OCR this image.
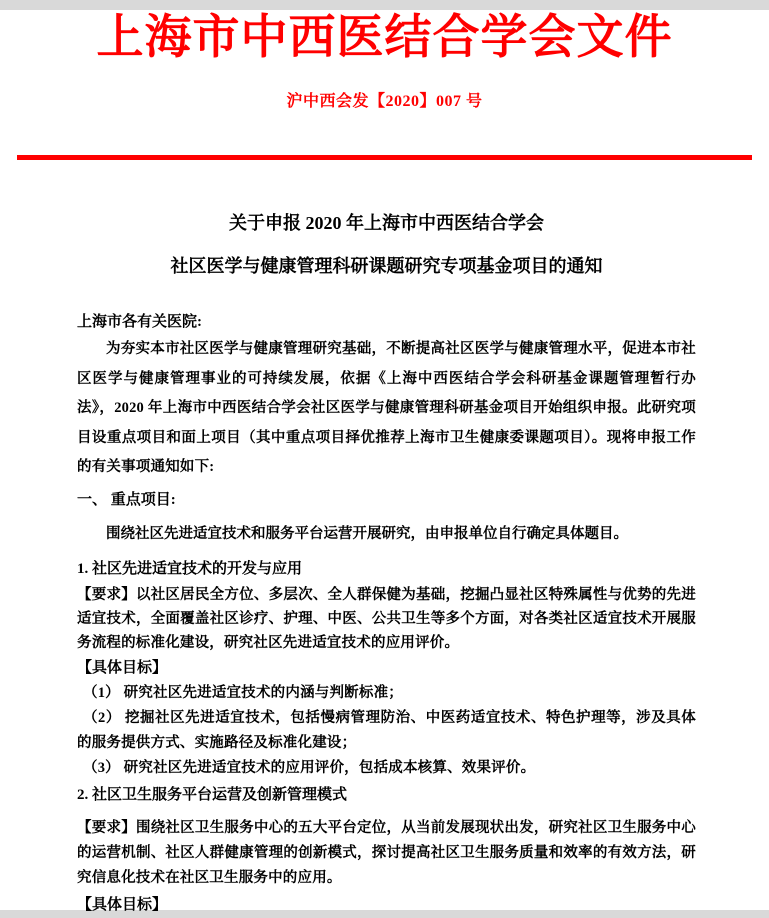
上海市中西医结合学会文件
沪中西会发【2020】007 号
关于申报 2020 年上海市中西医结合学会
社区医学与健康管理科研课题研究专项基金项目的通知
上海市各有关医院:

为夯实本市社区医学与健康管理研究基础，不断提高社区医学与健康管理水平，促进本市社区医学与健康管理事业的可持续发展，依据《上海中西医结合学会科研基金课题管理暂行办法》，2020 年上海市中西医结合学会社区医学与健康管理科研基金项目开始组织申报。此研究项目设重点项目和面上项目（其中重点项目择优推荐上海市卫生健康委课题项目）。现将申报工作的有关事项通知如下:

一、 重点项目:

围绕社区先进适宜技术和服务平台运营开展研究，由申报单位自行确定具体题目。

1. 社区先进适宜技术的开发与应用

【要求】以社区居民全方位、多层次、全人群保健为基础，挖掘凸显社区特殊属性与优势的先进适宜技术，全面覆盖社区诊疗、护理、中医、公共卫生等多个方面，对各类社区适宜技术开展服务流程的标准化建设，研究社区先进适宜技术的应用评价。

【具体目标】

（1） 研究社区先进适宜技术的内涵与判断标准；

（2） 挖掘社区先进适宜技术，包括慢病管理防治、中医药适宜技术、特色护理等，涉及具体的服务提供方式、实施路径及标准化建设；

（3） 研究社区先进适宜技术的应用评价，包括成本核算、效果评价。

2. 社区卫生服务平台运营及创新管理模式

【要求】围绕社区卫生服务中心的五大平台定位，从当前发展现状出发，研究社区卫生服务中心的运营机制、社区人群健康管理的创新模式，探讨提高社区卫生服务质量和效率的有效方法，研究信息化技术在社区卫生服务中的应用。

【具体目标】
